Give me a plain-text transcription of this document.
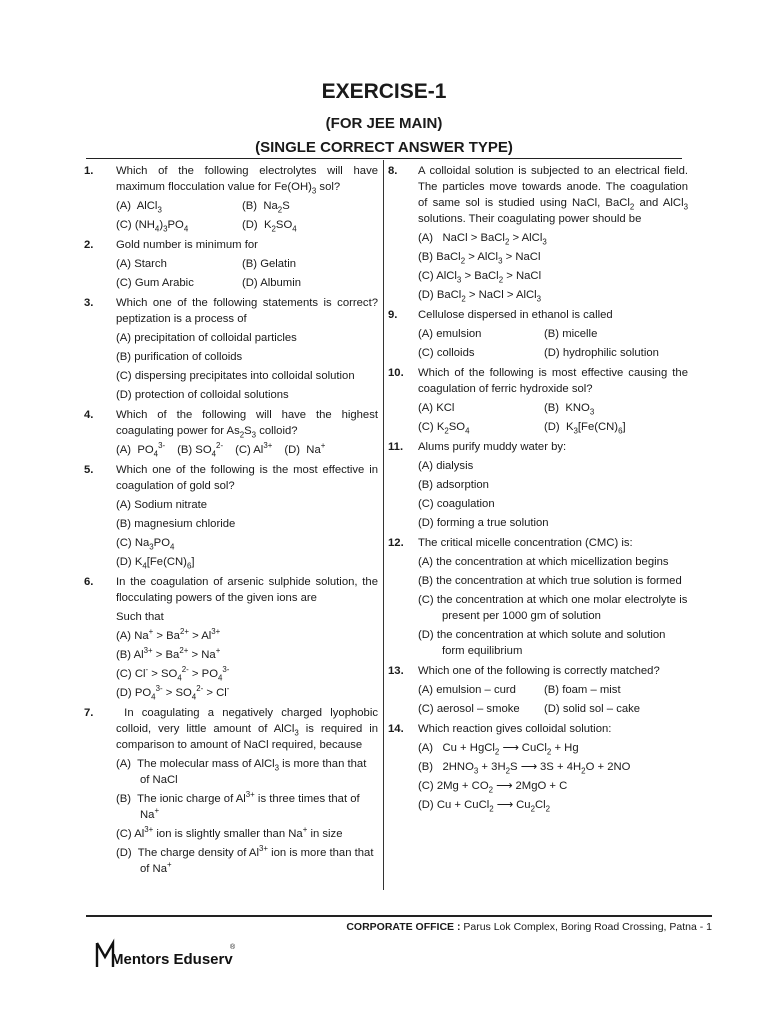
EXERCISE-1
(FOR JEE MAIN)
(SINGLE CORRECT ANSWER TYPE)
1. Which of the following electrolytes will have maximum flocculation value for $Fe(OH)_3$ sol?
(A)  AlCl$_3$	(B)  $Na_2S$
(C) $(NH_4)_3PO_4$	(D)  $K_2SO_4$
2. Gold number is minimum for
(A) Starch	(B) Gelatin
(C) Gum Arabic	(D) Albumin
3. Which one of the following statements is correct? peptization is a process of
(A) precipitation of colloidal particles
(B) purification of colloids
(C) dispersing precipitates into colloidal solution
(D) protection of colloidal solutions
4. Which of the following will have the highest coagulating power for $As_2S_3$ colloid?
(A)  $PO_4^{3-}$ (B) $SO_4^{2-}$ (C) $Al^{3+}$ (D)  Na+
5. Which one of the following is the most effective in coagulation of gold sol?
(A) Sodium nitrate
(B) magnesium chloride
(C) $Na_3PO_4$
(D) $K_4[Fe(CN)_6]$
6. In the coagulation of arsenic sulphide solution, the flocculating powers of the given ions are
Such that
(A) $Na^+ > Ba^{2+} > Al^{3+}$
(B) $Al^{3+} > Ba^{2+} > Na^+$
(C) $Cl^- > SO_4^{2-} > PO_4^{3-}$
(D) $PO_4^{3-} > SO_4^{2-} > Cl^-$
7. In coagulating a negatively charged lyophobic colloid, very little amount of AlCl$_3$ is required in comparison to amount of NaCl required, because
(A)  The molecular mass of AlCl$_3$ is more than that of NaCl
(B)  The ionic charge of $Al^{3+}$ is three times that of Na+
(C) $Al^{3+}$ ion is slightly smaller than Na+ in size
(D)  The charge density of $Al^{3+}$ ion is more than that of Na+
8. A colloidal solution is subjected to an electrical field. The particles move towards anode. The coagulation of same sol is studied using NaCl, BaCl$_2$ and AlCl$_3$ solutions. Their coagulating power should be
(A)   NaCl > BaCl$_2$ > AlCl$_3$
(B) BaCl$_2$ > AlCl$_3$ > NaCl
(C) AlCl$_3$ > BaCl$_2$ > NaCl
(D) BaCl$_2$ > NaCl > AlCl$_3$
9. Cellulose dispersed in ethanol is called
(A) emulsion	(B) micelle
(C) colloids	(D) hydrophilic solution
10. Which of the following is most effective causing the coagulation of ferric hydroxide sol?
(A) KCl	(B)  $KNO_3$
(C) $K_2SO_4$	(D)  $K_3[Fe(CN)_6]$
11. Alums purify muddy water by:
(A) dialysis
(B) adsorption
(C) coagulation
(D) forming a true solution
12. The critical micelle concentration (CMC) is:
(A) the concentration at which micellization begins
(B) the concentration at which true solution is formed
(C) the concentration at which one molar electrolyte is present per 1000 gm of solution
(D) the concentration at which solute and solution form equilibrium
13. Which one of the following is correctly matched?
(A) emulsion – curd	(B) foam – mist
(C) aerosol – smoke	(D) solid sol – cake
14. Which reaction gives colloidal solution:
(A)   Cu + HgCl$_2$ ⟶ CuCl$_2$ + Hg
(B)   $2HNO_3 + 3H_2S$ ⟶ $3S + 4H_2O + 2NO$
(C) $2Mg + CO_2$ ⟶ 2MgO + C
(D) Cu + CuCl$_2$ ⟶ $Cu_2Cl_2$
CORPORATE OFFICE : Parus Lok Complex, Boring Road Crossing, Patna - 1
Mentors Eduserv
®
